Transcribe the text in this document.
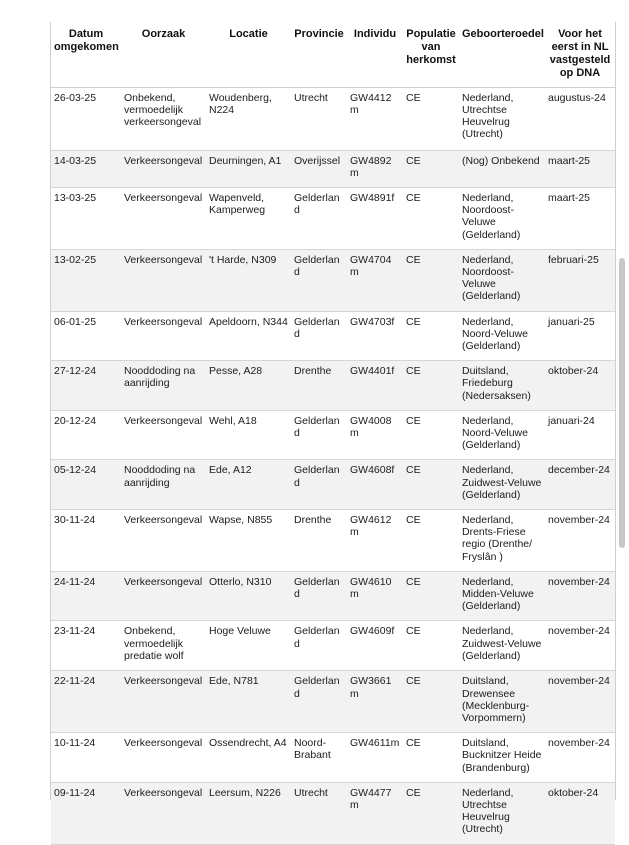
Datum omgekomen	Oorzaak	Locatie	Provincie	Individu	Populatie van herkomst	Geboorteroedel	Voor het eerst in NL vastgesteld op DNA
26-03-25	Onbekend, vermoedelijk verkeersongeval	Woudenberg, N224	Utrecht	GW4412m	CE	Nederland, Utrechtse Heuvelrug (Utrecht)	augustus-24
14-03-25	Verkeersongeval	Deurningen, A1	Overijssel	GW4892m	CE	(Nog) Onbekend	maart-25
13-03-25	Verkeersongeval	Wapenveld, Kamperweg	Gelderland	GW4891f	CE	Nederland, Noordoost-Veluwe (Gelderland)	maart-25
13-02-25	Verkeersongeval	't Harde, N309	Gelderland	GW4704m	CE	Nederland, Noordoost-Veluwe (Gelderland)	februari-25
06-01-25	Verkeersongeval	Apeldoorn, N344	Gelderland	GW4703f	CE	Nederland, Noord-Veluwe (Gelderland)	januari-25
27-12-24	Nooddoding na aanrijding	Pesse, A28	Drenthe	GW4401f	CE	Duitsland, Friedeburg (Nedersaksen)	oktober-24
20-12-24	Verkeersongeval	Wehl, A18	Gelderland	GW4008m	CE	Nederland, Noord-Veluwe (Gelderland)	januari-24
05-12-24	Nooddoding na aanrijding	Ede, A12	Gelderland	GW4608f	CE	Nederland, Zuidwest-Veluwe (Gelderland)	december-24
30-11-24	Verkeersongeval	Wapse, N855	Drenthe	GW4612m	CE	Nederland, Drents-Friese regio (Drenthe/ Fryslân )	november-24
24-11-24	Verkeersongeval	Otterlo, N310	Gelderland	GW4610m	CE	Nederland, Midden-Veluwe (Gelderland)	november-24
23-11-24	Onbekend, vermoedelijk predatie wolf	Hoge Veluwe	Gelderland	GW4609f	CE	Nederland, Zuidwest-Veluwe (Gelderland)	november-24
22-11-24	Verkeersongeval	Ede, N781	Gelderland	GW3661m	CE	Duitsland, Drewensee (Mecklenburg-Vorpommern)	november-24
10-11-24	Verkeersongeval	Ossendrecht, A4	Noord-Brabant	GW4611m	CE	Duitsland, Bucknitzer Heide (Brandenburg)	november-24
09-11-24	Verkeersongeval	Leersum, N226	Utrecht	GW4477m	CE	Nederland, Utrechtse Heuvelrug (Utrecht)	oktober-24
